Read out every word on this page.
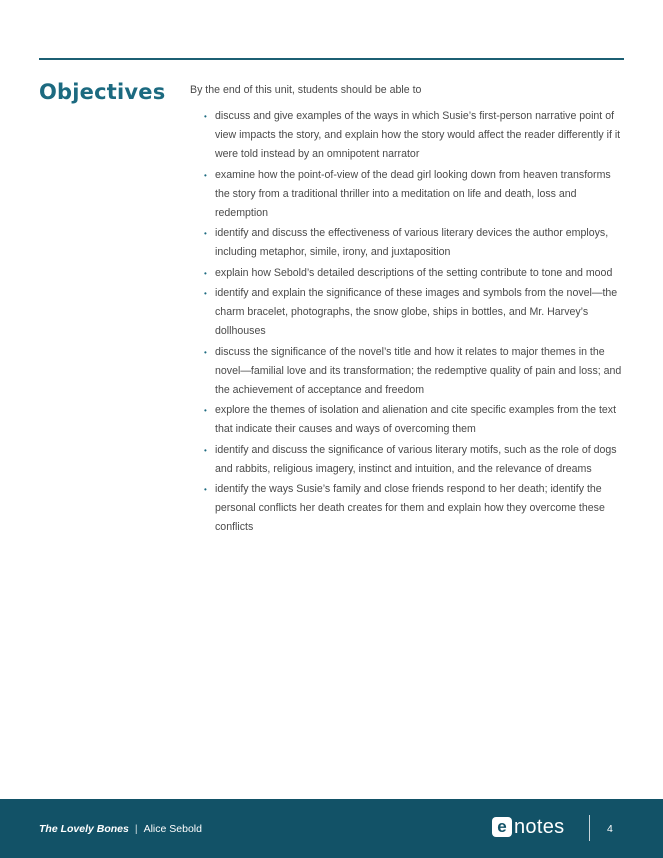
Objectives By the end of this unit, students should be able to

• discuss and give examples of the ways in which Susie’s first-person narrative point of view impacts the story, and explain how the story would affect the reader differently if it were told instead by an omnipotent narrator
• examine how the point-of-view of the dead girl looking down from heaven transforms the story from a traditional thriller into a meditation on life and death, loss and redemption
• identify and discuss the effectiveness of various literary devices the author employs, including metaphor, simile, irony, and juxtaposition
• explain how Sebold’s detailed descriptions of the setting contribute to tone and mood
• identify and explain the significance of these images and symbols from the novel—the charm bracelet, photographs, the snow globe, ships in bottles, and Mr. Harvey’s dollhouses
• discuss the significance of the novel’s title and how it relates to major themes in the novel—familial love and its transformation; the redemptive quality of pain and loss; and the achievement of acceptance and freedom
• explore the themes of isolation and alienation and cite specific examples from the text that indicate their causes and ways of overcoming them
• identify and discuss the significance of various literary motifs, such as the role of dogs and rabbits, religious imagery, instinct and intuition, and the relevance of dreams
• identify the ways Susie’s family and close friends respond to her death; identify the personal conflicts her death creates for them and explain how they overcome these conflicts
The Lovely Bones | Alice Sebold	e notes	4
